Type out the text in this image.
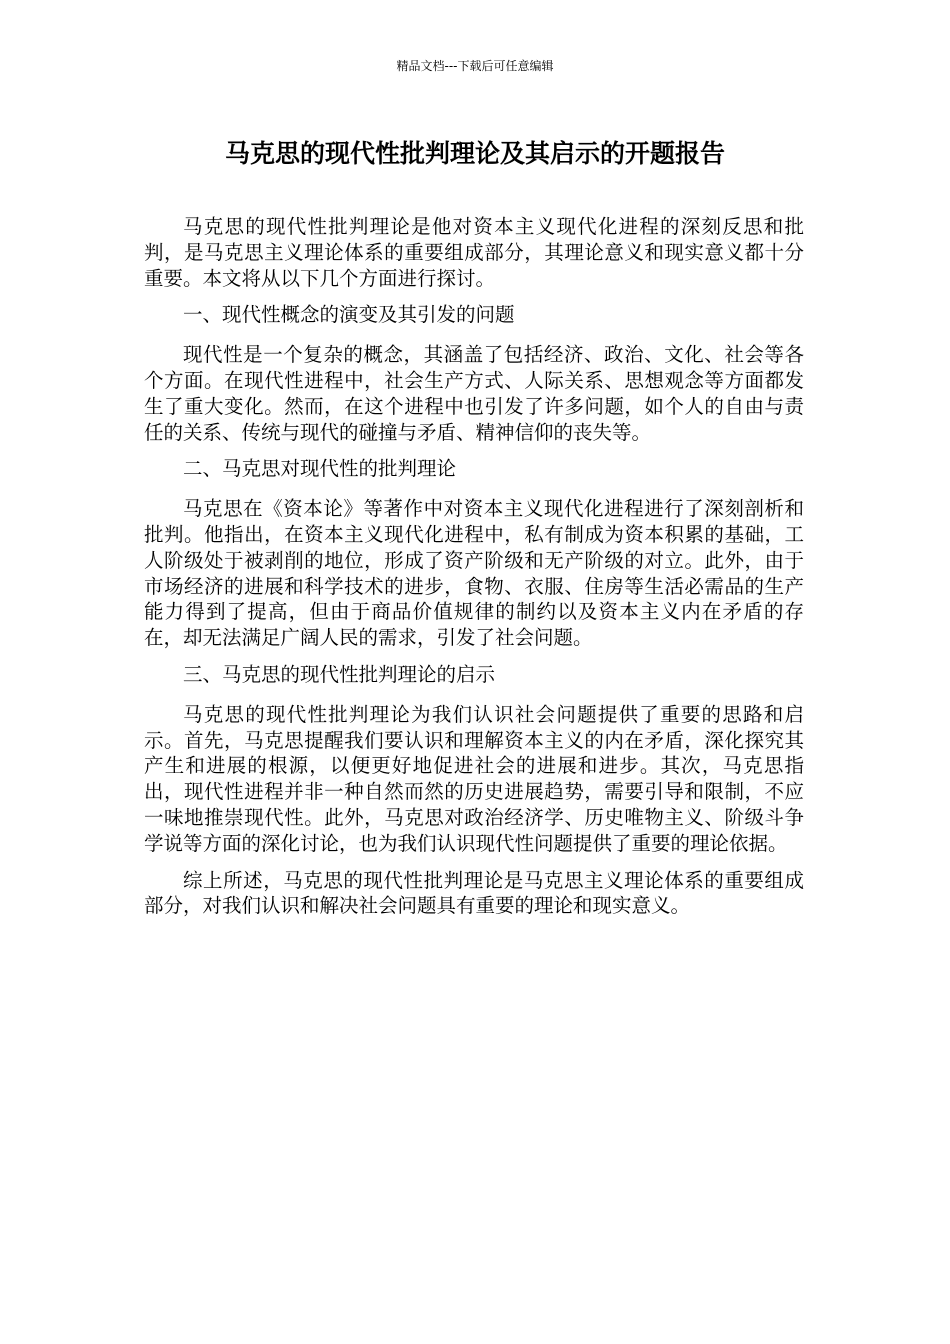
精品文档---下载后可任意编辑
马克思的现代性批判理论及其启示的开题报告

马克思的现代性批判理论是他对资本主义现代化进程的深刻反思和批判，是马克思主义理论体系的重要组成部分，其理论意义和现实意义都十分重要。本文将从以下几个方面进行探讨。

一、现代性概念的演变及其引发的问题

现代性是一个复杂的概念，其涵盖了包括经济、政治、文化、社会等各个方面。在现代性进程中，社会生产方式、人际关系、思想观念等方面都发生了重大变化。然而，在这个进程中也引发了许多问题，如个人的自由与责任的关系、传统与现代的碰撞与矛盾、精神信仰的丧失等。

二、马克思对现代性的批判理论

马克思在《资本论》等著作中对资本主义现代化进程进行了深刻剖析和批判。他指出，在资本主义现代化进程中，私有制成为资本积累的基础，工人阶级处于被剥削的地位，形成了资产阶级和无产阶级的对立。此外，由于市场经济的进展和科学技术的进步，食物、衣服、住房等生活必需品的生产能力得到了提高，但由于商品价值规律的制约以及资本主义内在矛盾的存在，却无法满足广阔人民的需求，引发了社会问题。

三、马克思的现代性批判理论的启示

马克思的现代性批判理论为我们认识社会问题提供了重要的思路和启示。首先，马克思提醒我们要认识和理解资本主义的内在矛盾，深化探究其产生和进展的根源，以便更好地促进社会的进展和进步。其次，马克思指出，现代性进程并非一种自然而然的历史进展趋势，需要引导和限制，不应一味地推崇现代性。此外，马克思对政治经济学、历史唯物主义、阶级斗争学说等方面的深化讨论，也为我们认识现代性问题提供了重要的理论依据。

综上所述，马克思的现代性批判理论是马克思主义理论体系的重要组成部分，对我们认识和解决社会问题具有重要的理论和现实意义。
